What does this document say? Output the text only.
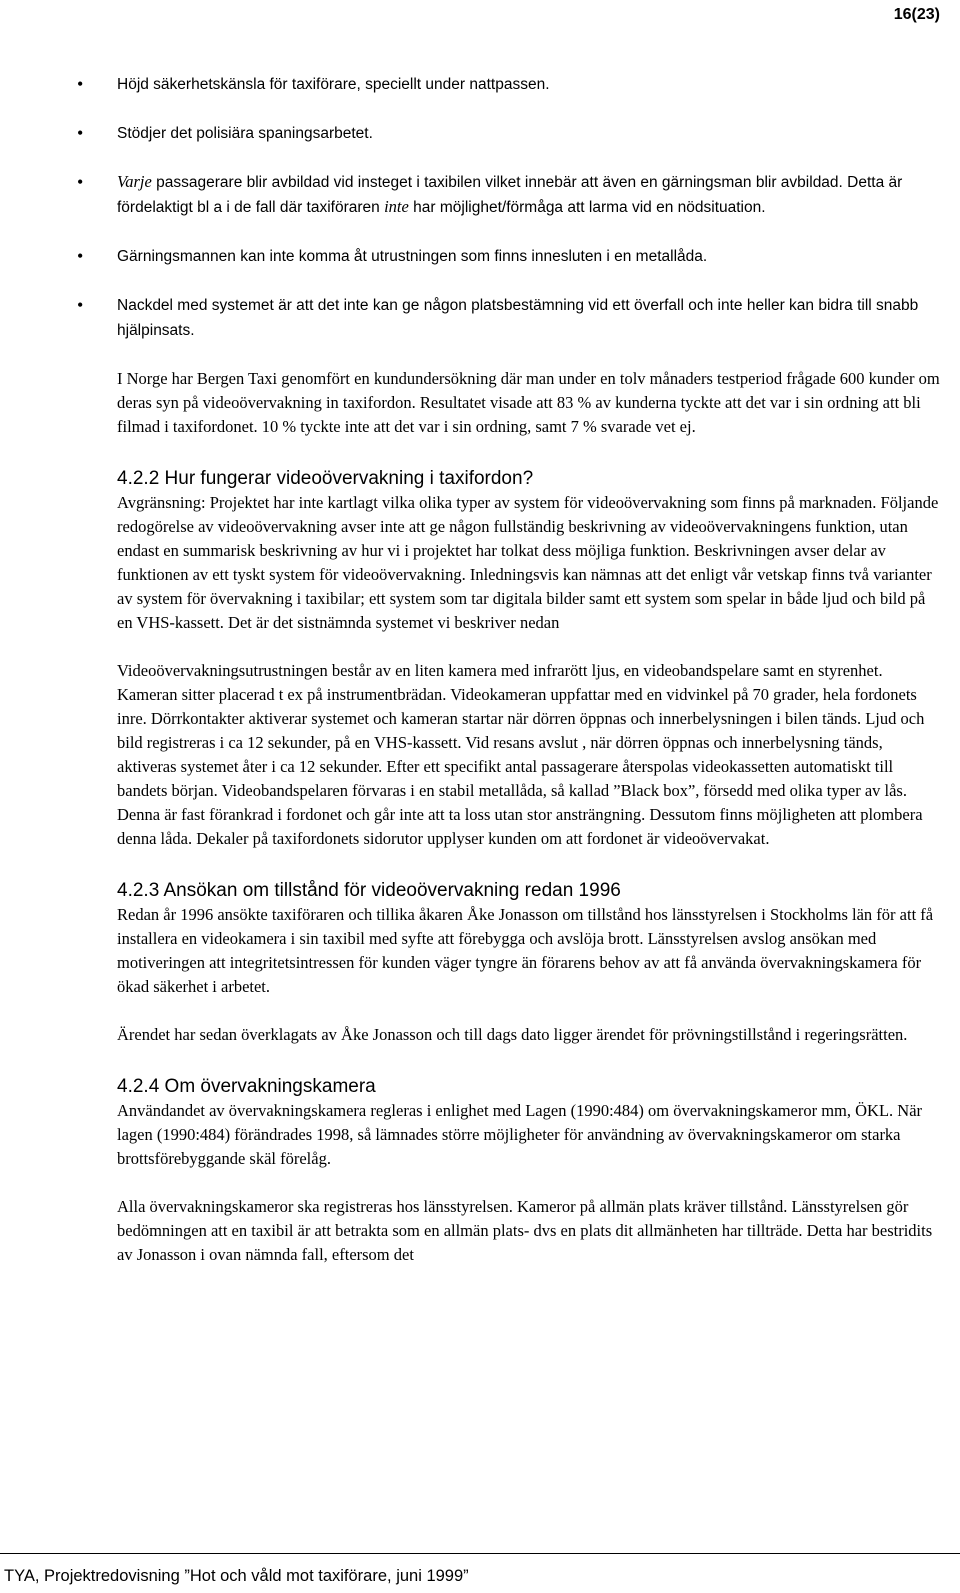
16(23)
• Höjd säkerhetskänsla för taxiförare, speciellt under nattpassen.
• Stödjer det polisiära spaningsarbetet.
• Varje passagerare blir avbildad vid insteget i taxibilen vilket innebär att även en gärningsman blir avbildad. Detta är fördelaktigt bl a i de fall där taxiföraren inte har möjlighet/förmåga att larma vid en nödsituation.
• Gärningsmannen kan inte komma åt utrustningen som finns innesluten i en metallåda.
• Nackdel med systemet är att det inte kan ge någon platsbestämning vid ett överfall och inte heller kan bidra till snabb hjälpinsats.

I Norge har Bergen Taxi genomfört en kundundersökning där man under en tolv månaders testperiod frågade 600 kunder om deras syn på videoövervakning in taxifordon. Resultatet visade att 83 % av kunderna tyckte att det var i sin ordning att bli filmad i taxifordonet. 10 % tyckte inte att det var i sin ordning, samt 7 % svarade vet ej.

4.2.2 Hur fungerar videoövervakning i taxifordon?

Avgränsning: Projektet har inte kartlagt vilka olika typer av system för videoövervakning som finns på marknaden. Följande redogörelse av videoövervakning avser inte att ge någon fullständig beskrivning av videoövervakningens funktion, utan endast en summarisk beskrivning av hur vi i projektet har tolkat dess möjliga funktion. Beskrivningen avser delar av funktionen av ett tyskt system för videoövervakning. Inledningsvis kan nämnas att det enligt vår vetskap finns två varianter av system för övervakning i taxibilar; ett system som tar digitala bilder samt ett system som spelar in både ljud och bild på en VHS-kassett. Det är det sistnämnda systemet vi beskriver nedan

Videoövervakningsutrustningen består av en liten kamera med infrarött ljus, en videobandspelare samt en styrenhet. Kameran sitter placerad t ex på instrumentbrädan. Videokameran uppfattar med en vidvinkel på 70 grader, hela fordonets inre. Dörrkontakter aktiverar systemet och kameran startar när dörren öppnas och innerbelysningen i bilen tänds. Ljud och bild registreras i ca 12 sekunder, på en VHS-kassett. Vid resans avslut , när dörren öppnas och innerbelysning tänds, aktiveras systemet åter i ca 12 sekunder. Efter ett specifikt antal passagerare återspolas videokassetten automatiskt till bandets början. Videobandspelaren förvaras i en stabil metallåda, så kallad ”Black box”, försedd med olika typer av lås. Denna är fast förankrad i fordonet och går inte att ta loss utan stor ansträngning. Dessutom finns möjligheten att plombera denna låda. Dekaler på taxifordonets sidorutor upplyser kunden om att fordonet är videoövervakat.

4.2.3 Ansökan om tillstånd för videoövervakning redan 1996

Redan år 1996 ansökte taxiföraren och tillika åkaren Åke Jonasson om tillstånd hos länsstyrelsen i Stockholms län för att få installera en videokamera i sin taxibil med syfte att förebygga och avslöja brott. Länsstyrelsen avslog ansökan med motiveringen att integritetsintressen för kunden väger tyngre än förarens behov av att få använda övervakningskamera för ökad säkerhet i arbetet.

Ärendet har sedan överklagats av Åke Jonasson och till dags dato ligger ärendet för prövningstillstånd i regeringsrätten.

4.2.4 Om övervakningskamera

Användandet av övervakningskamera regleras i enlighet med Lagen (1990:484) om övervakningskameror mm, ÖKL. När lagen (1990:484) förändrades 1998, så lämnades större möjligheter för användning av övervakningskameror om starka brottsförebyggande skäl förelåg.

Alla övervakningskameror ska registreras hos länsstyrelsen. Kameror på allmän plats kräver tillstånd. Länsstyrelsen gör bedömningen att en taxibil är att betrakta som en allmän plats- dvs en plats dit allmänheten har tillträde. Detta har bestridits av Jonasson i ovan nämnda fall, eftersom det

TYA, Projektredovisning ”Hot och våld mot taxiförare, juni 1999”
